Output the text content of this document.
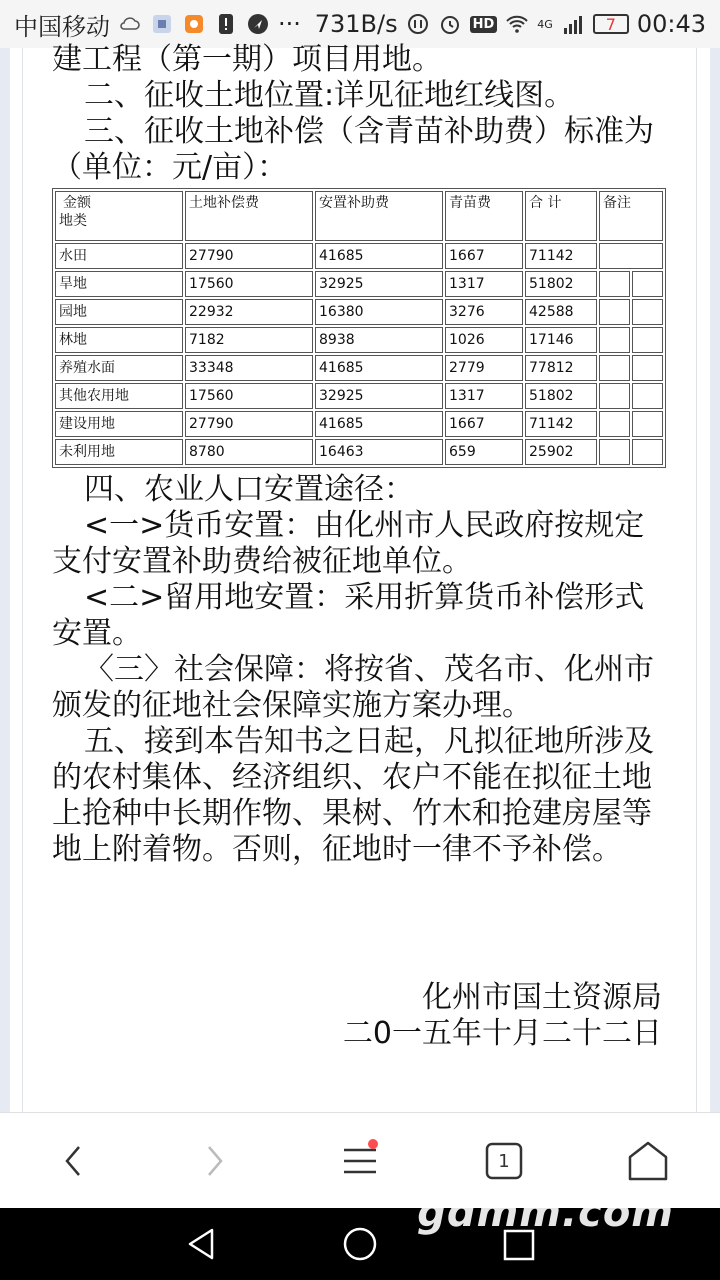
中国移动	··· 731B/s	HD	4G	7 00:43

建工程（第一期）项目用地。

二、征收土地位置:详见征地红线图。

三、征收土地补偿（含青苗补助费）标准为（单位：元/亩）：

金额
地类	土地补偿费	安置补助费	青苗费	合 计	备注	
水田	27790	41685	1667	71142		
旱地	17560	32925	1317	51802		
园地	22932	16380	3276	42588		
林地	7182	8938	1026	17146		
养殖水面	33348	41685	2779	77812		
其他农用地	17560	32925	1317	51802		
建设用地	27790	41685	1667	71142		
未利用地	8780	16463	659	25902		

四、农业人口安置途径：

<一>货币安置：由化州市人民政府按规定支付安置补助费给被征地单位。

<二>留用地安置：采用折算货币补偿形式安置。

〈三〉社会保障：将按省、茂名市、化州市颁发的征地社会保障实施方案办理。

五、接到本告知书之日起，凡拟征地所涉及的农村集体、经济组织、农户不能在拟征土地上抢种中长期作物、果树、竹木和抢建房屋等地上附着物。否则，征地时一律不予补偿。

化州市国土资源局
二0一五年十月二十二日
1
gdmm.com
